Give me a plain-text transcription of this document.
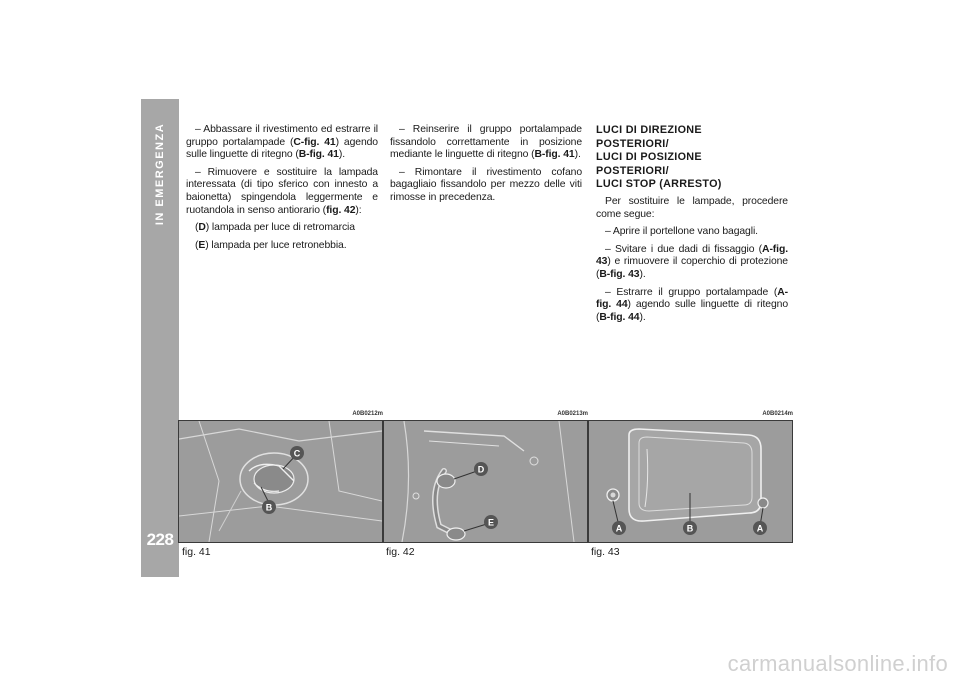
IN EMERGENZA
228

– Abbassare il rivestimento ed estrarre il gruppo portalampade (C-fig. 41) agendo sulle linguette di ritegno (B-fig. 41).

– Rimuovere e sostituire la lampada interessata (di tipo sferico con innesto a baionetta) spingendola leggermente e ruotandola in senso antiorario (fig. 42):

(D) lampada per luce di retromarcia

(E) lampada per luce retronebbia.

– Reinserire il gruppo portalampade fissandolo correttamente in posizione mediante le linguette di ritegno (B-fig. 41).

– Rimontare il rivestimento cofano bagagliaio fissandolo per mezzo delle viti rimosse in precedenza.

LUCI DI DIREZIONE
POSTERIORI/
LUCI DI POSIZIONE
POSTERIORI/
LUCI STOP (ARRESTO)

Per sostituire le lampade, procedere come segue:

– Aprire il portellone vano bagagli.

– Svitare i due dadi di fissaggio (A-fig. 43) e rimuovere il coperchio di protezione (B-fig. 43).

– Estrarre il gruppo portalampade (A-fig. 44) agendo sulle linguette di ritegno (B-fig. 44).

A0B0212m
C
B
fig. 41
A0B0213m
D
E
fig. 42
A0B0214m
A	B	A
fig. 43
carmanualsonline.info
